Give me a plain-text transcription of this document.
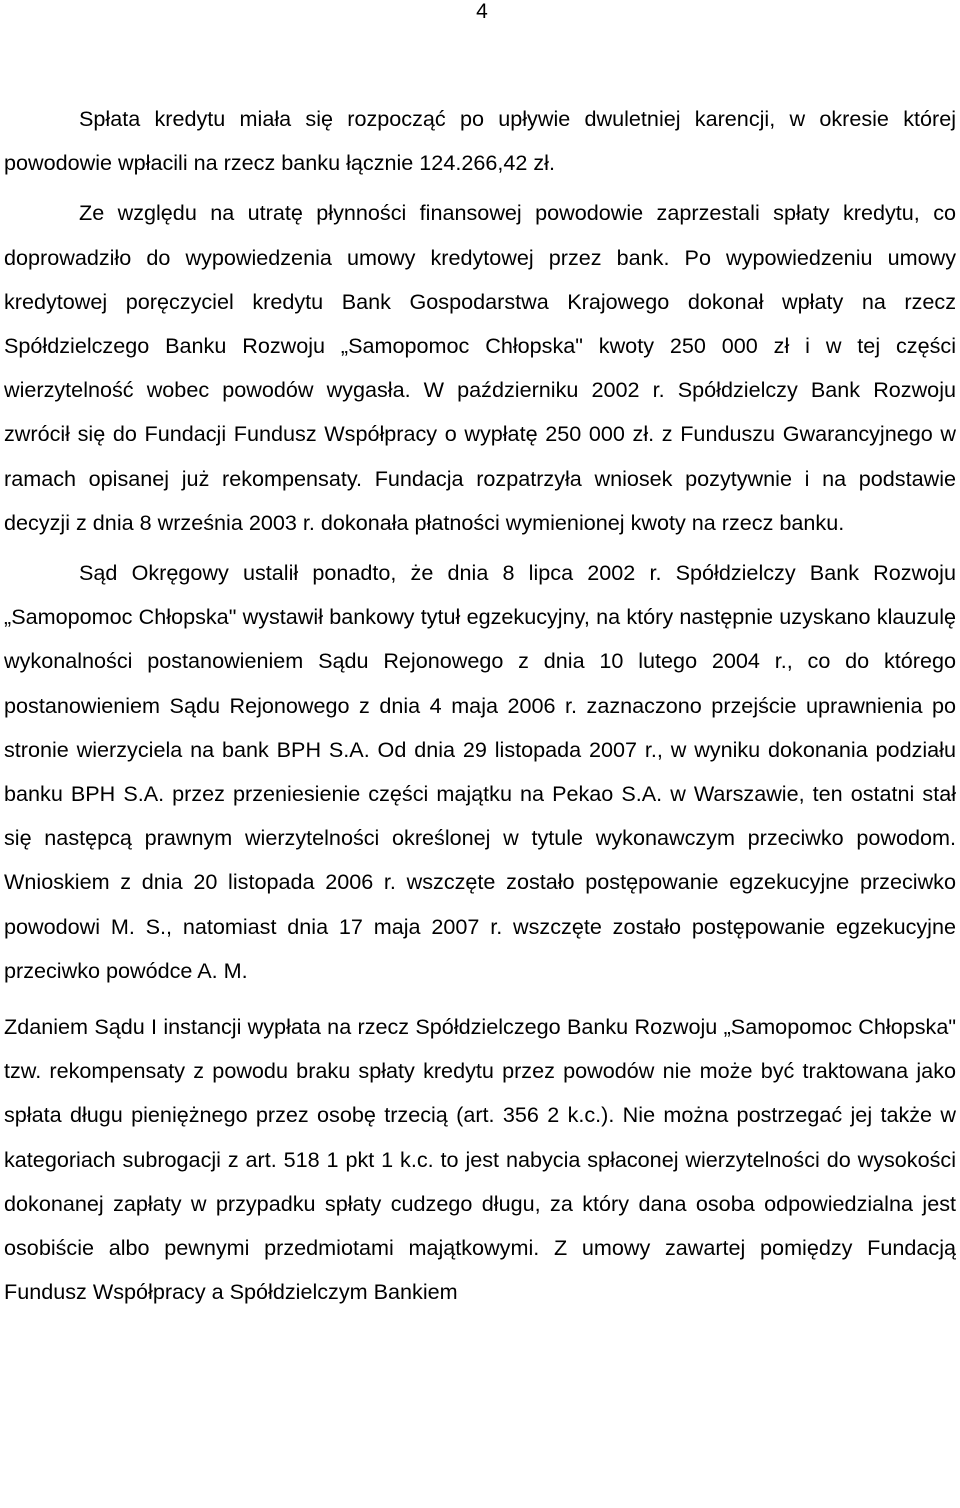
4

Spłata kredytu miała się rozpocząć po upływie dwuletniej karencji, w okresie której powodowie wpłacili na rzecz banku łącznie 124.266,42 zł.

Ze względu na utratę płynności finansowej powodowie zaprzestali spłaty kredytu, co doprowadziło do wypowiedzenia umowy kredytowej przez bank. Po wypowiedzeniu umowy kredytowej poręczyciel kredytu Bank Gospodarstwa Krajowego dokonał wpłaty na rzecz Spółdzielczego Banku Rozwoju „Samopomoc Chłopska" kwoty 250 000 zł i w tej części wierzytelność wobec powodów wygasła. W październiku 2002 r. Spółdzielczy Bank Rozwoju zwrócił się do Fundacji Fundusz Współpracy o wypłatę 250 000 zł. z Funduszu Gwarancyjnego w ramach opisanej już rekompensaty. Fundacja rozpatrzyła wniosek pozytywnie i na podstawie decyzji z dnia 8 września 2003 r. dokonała płatności wymienionej kwoty na rzecz banku.

Sąd Okręgowy ustalił ponadto, że dnia 8 lipca 2002 r. Spółdzielczy Bank Rozwoju „Samopomoc Chłopska" wystawił bankowy tytuł egzekucyjny, na który następnie uzyskano klauzulę wykonalności postanowieniem Sądu Rejonowego z dnia 10 lutego 2004 r., co do którego postanowieniem Sądu Rejonowego z dnia 4 maja 2006 r. zaznaczono przejście uprawnienia po stronie wierzyciela na bank BPH S.A. Od dnia 29 listopada 2007 r., w wyniku dokonania podziału banku BPH S.A. przez przeniesienie części majątku na Pekao S.A. w Warszawie, ten ostatni stał się następcą prawnym wierzytelności określonej w tytule wykonawczym przeciwko powodom. Wnioskiem z dnia 20 listopada 2006 r. wszczęte zostało postępowanie egzekucyjne przeciwko powodowi M. S., natomiast dnia 17 maja 2007 r. wszczęte zostało postępowanie egzekucyjne przeciwko powódce A. M.

Zdaniem Sądu I instancji wypłata na rzecz Spółdzielczego Banku Rozwoju „Samopomoc Chłopska" tzw. rekompensaty z powodu braku spłaty kredytu przez powodów nie może być traktowana jako spłata długu pieniężnego przez osobę trzecią (art. 356 2 k.c.). Nie można postrzegać jej także w kategoriach subrogacji z art. 518 1 pkt 1 k.c. to jest nabycia spłaconej wierzytelności do wysokości dokonanej zapłaty w przypadku spłaty cudzego długu, za który dana osoba odpowiedzialna jest osobiście albo pewnymi przedmiotami majątkowymi. Z umowy zawartej pomiędzy Fundacją Fundusz Współpracy a Spółdzielczym Bankiem
